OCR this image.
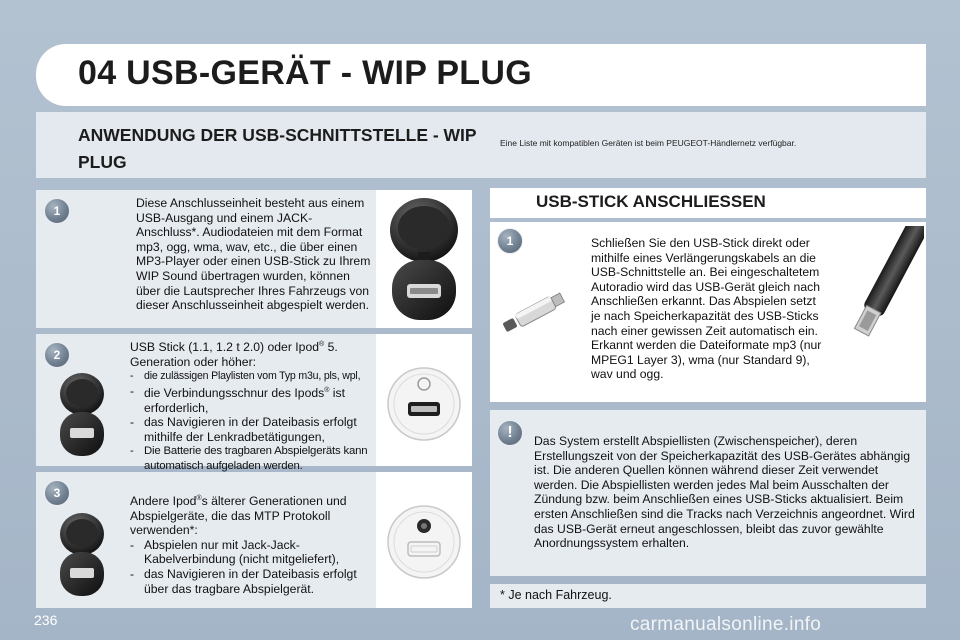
04 USB-GERÄT - WIP PLUG
ANWENDUNG DER USB-SCHNITTSTELLE - WIP PLUG
Eine Liste mit kompatiblen Geräten ist beim PEUGEOT-Händlernetz verfügbar.
1
Diese Anschlusseinheit besteht aus einem USB-Ausgang und einem JACK-Anschluss*. Audiodateien mit dem Format mp3, ogg, wma, wav, etc., die über einen MP3-Player oder einen USB-Stick zu Ihrem WIP Sound übertragen wurden, können über die Lautsprecher Ihres Fahrzeugs von dieser Anschlusseinheit abgespielt werden.
2

USB Stick (1.1, 1.2 t 2.0) oder Ipod® 5. Generation oder höher:

- die zulässigen Playlisten vom Typ m3u, pls, wpl,
- die Verbindungsschnur des Ipods® ist erforderlich,
- das Navigieren in der Dateibasis erfolgt mithilfe der Lenkradbetätigungen,
- Die Batterie des tragbaren Abspielgeräts kann automatisch aufgeladen werden.
3

Andere Ipod®s älterer Generationen und Abspielgeräte, die das MTP Protokoll verwenden*:

- Abspielen nur mit Jack-Jack-Kabelverbindung (nicht mitgeliefert),
- das Navigieren in der Dateibasis erfolgt über das tragbare Abspielgerät.
USB-STICK ANSCHLIESSEN
1	Schließen Sie den USB-Stick direkt oder mithilfe eines Verlängerungskabels an die USB-Schnittstelle an. Bei eingeschaltetem Autoradio wird das USB-Gerät gleich nach Anschließen erkannt. Das Abspielen setzt je nach Speicherkapazität des USB-Sticks nach einer gewissen Zeit automatisch ein. Erkannt werden die Dateiformate mp3 (nur MPEG1 Layer 3), wma (nur Standard 9), wav und ogg.
! Das System erstellt Abspiellisten (Zwischenspeicher), deren Erstellungszeit von der Speicherkapazität des USB-Gerätes abhängig ist. Die anderen Quellen können während dieser Zeit verwendet werden. Die Abspiellisten werden jedes Mal beim Ausschalten der Zündung bzw. beim Anschließen eines USB-Sticks aktualisiert. Beim ersten Anschließen sind die Tracks nach Verzeichnis angeordnet. Wird das USB-Gerät erneut angeschlossen, bleibt das zuvor gewählte Anordnungssystem erhalten.
* Je nach Fahrzeug.
236	carmanualsonline.info
